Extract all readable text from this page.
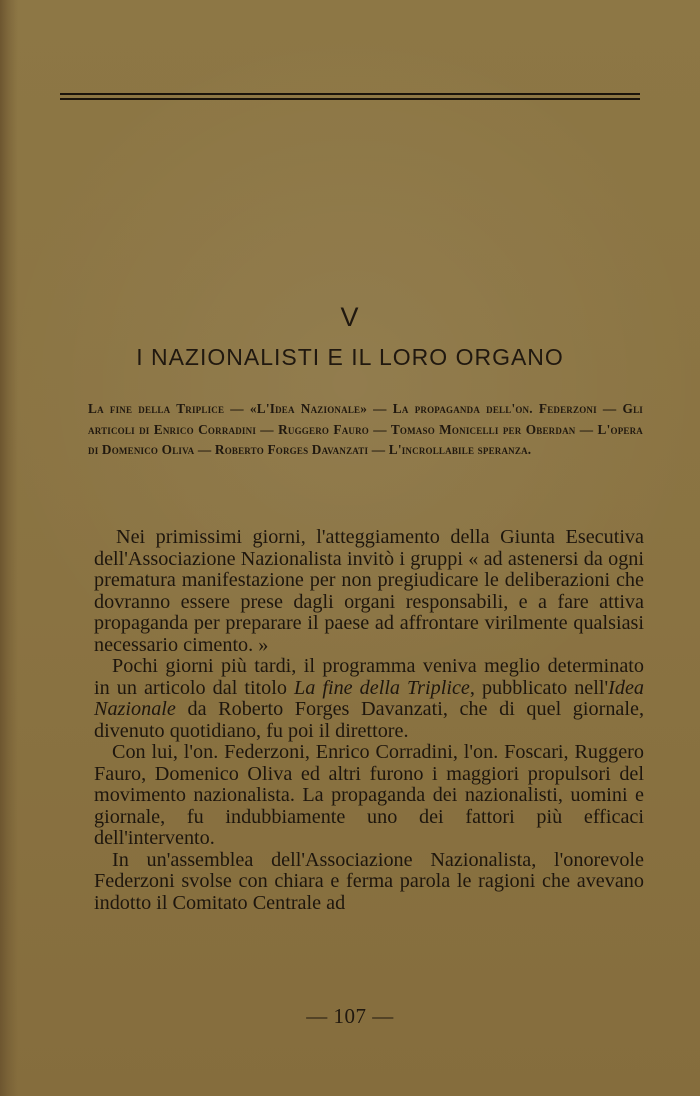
V
I NAZIONALISTI E IL LORO ORGANO

La fine della Triplice — «L'Idea Nazionale» — La propaganda dell'on. Federzoni — Gli articoli di Enrico Corradini — Ruggero Fauro — Tomaso Monicelli per Oberdan — L'opera di Domenico Oliva — Roberto Forges Davanzati — L'incrollabile speranza.

Nei primissimi giorni, l'atteggiamento della Giunta Esecutiva dell'Associazione Nazionalista invitò i gruppi « ad astenersi da ogni prematura manifestazione per non pregiudicare le deliberazioni che dovranno essere prese dagli organi responsabili, e a fare attiva propaganda per preparare il paese ad affrontare virilmente qualsiasi necessario cimento. »

Pochi giorni più tardi, il programma veniva meglio determinato in un articolo dal titolo La fine della Triplice, pubblicato nell'Idea Nazionale da Roberto Forges Davanzati, che di quel giornale, divenuto quotidiano, fu poi il direttore.

Con lui, l'on. Federzoni, Enrico Corradini, l'on. Foscari, Ruggero Fauro, Domenico Oliva ed altri furono i maggiori propulsori del movimento nazionalista. La propaganda dei nazionalisti, uomini e giornale, fu indubbiamente uno dei fattori più efficaci dell'intervento.

In un'assemblea dell'Associazione Nazionalista, l'onorevole Federzoni svolse con chiara e ferma parola le ragioni che avevano indotto il Comitato Centrale ad

— 107 —
